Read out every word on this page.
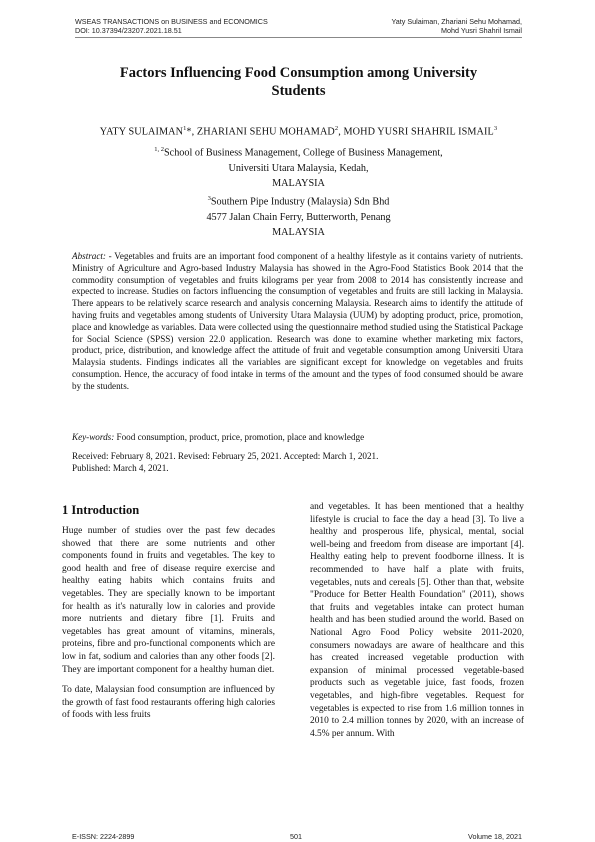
WSEAS TRANSACTIONS on BUSINESS and ECONOMICS
DOI: 10.37394/23207.2021.18.51
Yaty Sulaiman, Zhariani Sehu Mohamad,
Mohd Yusri Shahril Ismail
Factors Influencing Food Consumption among University
Students
YATY SULAIMAN$^1$*, ZHARIANI SEHU MOHAMAD$^2$, MOHD YUSRI SHAHRIL ISMAIL$^3$
$^{1, 2}$School of Business Management, College of Business Management,
Universiti Utara Malaysia, Kedah,
MALAYSIA
$^3$Southern Pipe Industry (Malaysia) Sdn Bhd
4577 Jalan Chain Ferry, Butterworth, Penang
MALAYSIA
Abstract: - Vegetables and fruits are an important food component of a healthy lifestyle as it contains variety of nutrients. Ministry of Agriculture and Agro-based Industry Malaysia has showed in the Agro-Food Statistics Book 2014 that the commodity consumption of vegetables and fruits kilograms per year from 2008 to 2014 has consistently increase and expected to increase. Studies on factors influencing the consumption of vegetables and fruits are still lacking in Malaysia. There appears to be relatively scarce research and analysis concerning Malaysia. Research aims to identify the attitude of having fruits and vegetables among students of University Utara Malaysia (UUM) by adopting product, price, promotion, place and knowledge as variables. Data were collected using the questionnaire method studied using the Statistical Package for Social Science (SPSS) version 22.0 application. Research was done to examine whether marketing mix factors, product, price, distribution, and knowledge affect the attitude of fruit and vegetable consumption among Universiti Utara Malaysia students. Findings indicates all the variables are significant except for knowledge on vegetables and fruits consumption. Hence, the accuracy of food intake in terms of the amount and the types of food consumed should be aware by the students.
Key-words: Food consumption, product, price, promotion, place and knowledge
Received: February 8, 2021. Revised: February 25, 2021. Accepted: March 1, 2021.
Published: March 4, 2021.
1 Introduction

Huge number of studies over the past few decades showed that there are some nutrients and other components found in fruits and vegetables. The key to good health and free of disease require exercise and healthy eating habits which contains fruits and vegetables. They are specially known to be important for health as it's naturally low in calories and provide more nutrients and dietary fibre [1]. Fruits and vegetables has great amount of vitamins, minerals, proteins, fibre and pro-functional components which are low in fat, sodium and calories than any other foods [2]. They are important component for a healthy human diet.

To date, Malaysian food consumption are influenced by the growth of fast food restaurants offering high calories of foods with less fruits

and vegetables. It has been mentioned that a healthy lifestyle is crucial to face the day a head [3]. To live a healthy and prosperous life, physical, mental, social well-being and freedom from disease are important [4]. Healthy eating help to prevent foodborne illness. It is recommended to have half a plate with fruits, vegetables, nuts and cereals [5]. Other than that, website "Produce for Better Health Foundation" (2011), shows that fruits and vegetables intake can protect human health and has been studied around the world. Based on National Agro Food Policy website 2011-2020, consumers nowadays are aware of healthcare and this has created increased vegetable production with expansion of minimal processed vegetable-based products such as vegetable juice, fast foods, frozen vegetables, and high-fibre vegetables. Request for vegetables is expected to rise from 1.6 million tonnes in 2010 to 2.4 million tonnes by 2020, with an increase of 4.5% per annum. With

E-ISSN: 2224-2899	501	Volume 18, 2021
